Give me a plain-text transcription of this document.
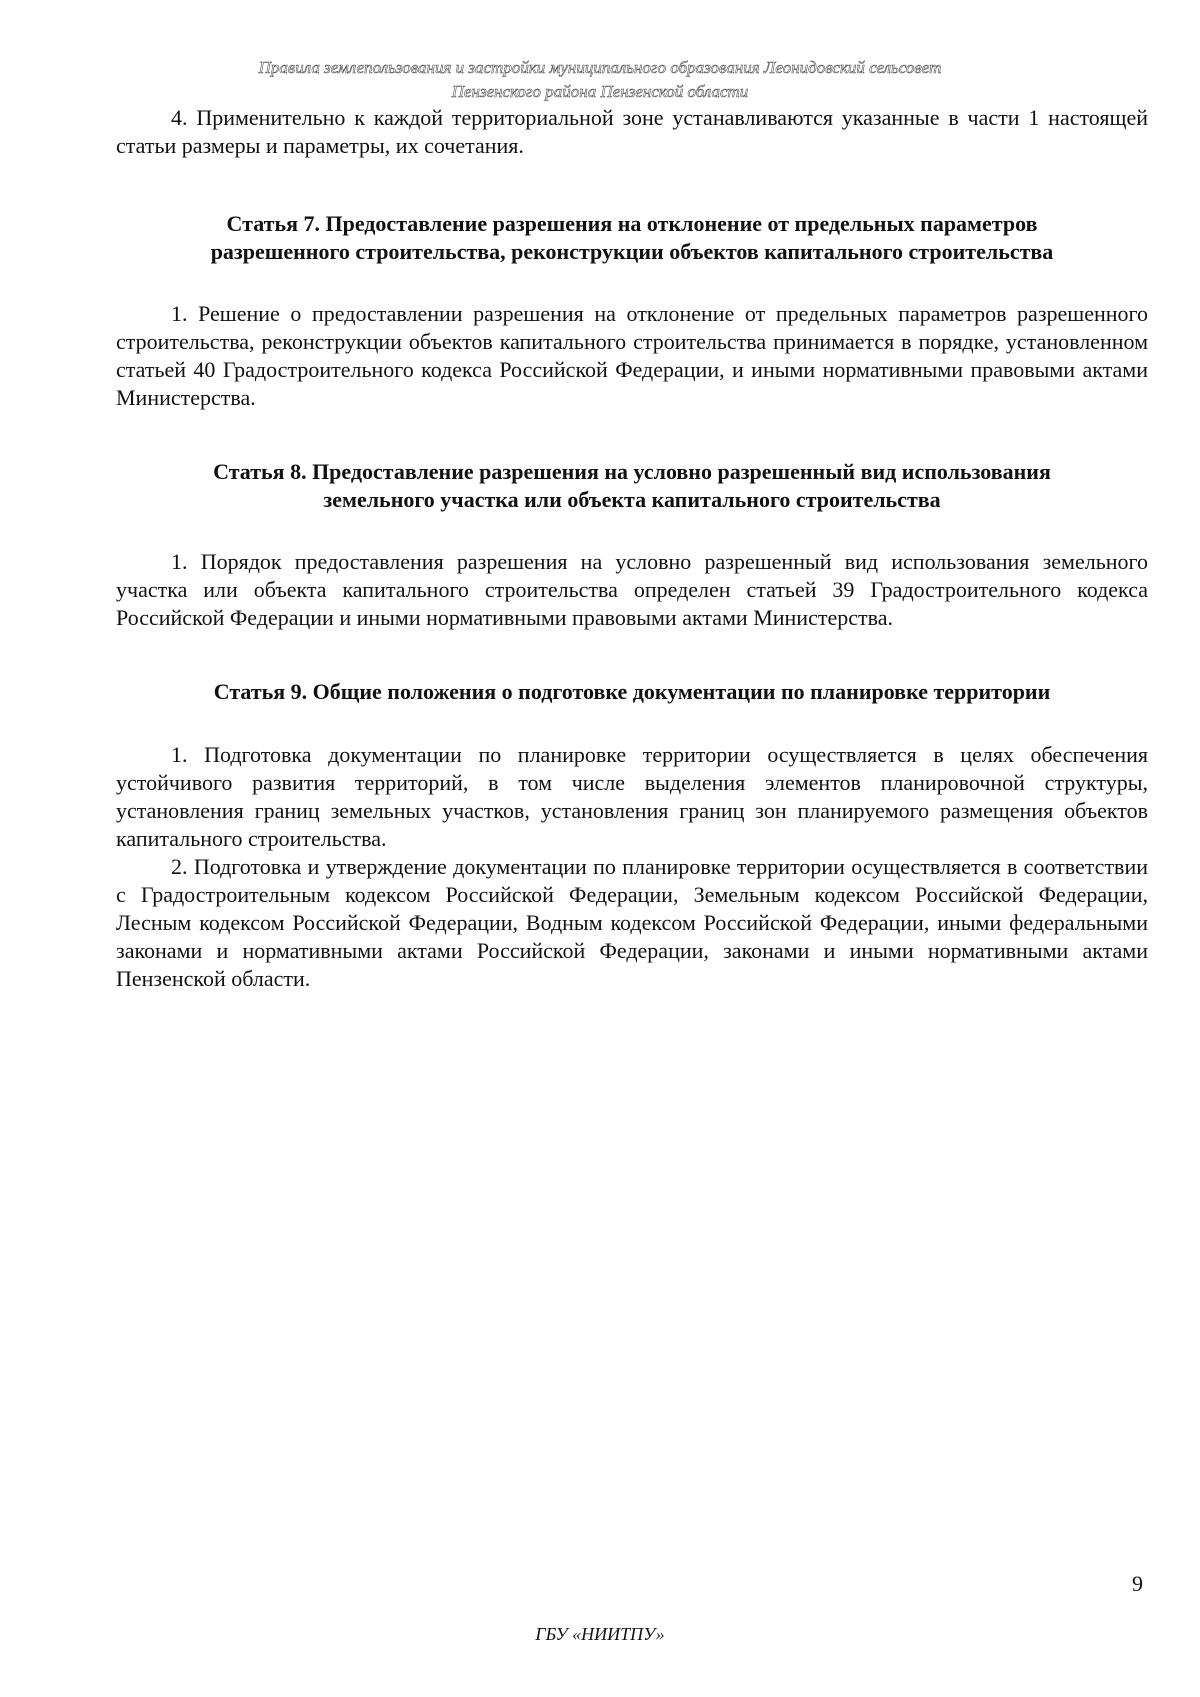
Правила землепользования и застройки муниципального образования Леонидовский сельсовет
Пензенского района Пензенской области

4. Применительно к каждой территориальной зоне устанавливаются указанные в части 1 настоящей статьи размеры и параметры, их сочетания.

Статья 7. Предоставление разрешения на отклонение от предельных параметров разрешенного строительства, реконструкции объектов капитального строительства

1. Решение о предоставлении разрешения на отклонение от предельных параметров разрешенного строительства, реконструкции объектов капитального строительства принимается в порядке, установленном статьей 40 Градостроительного кодекса Российской Федерации, и иными нормативными правовыми актами Министерства.

Статья 8. Предоставление разрешения на условно разрешенный вид использования земельного участка или объекта капитального строительства

1. Порядок предоставления разрешения на условно разрешенный вид использования земельного участка или объекта капитального строительства определен статьей 39 Градостроительного кодекса Российской Федерации и иными нормативными правовыми актами Министерства.

Статья 9. Общие положения о подготовке документации по планировке территории

1. Подготовка документации по планировке территории осуществляется в целях обеспечения устойчивого развития территорий, в том числе выделения элементов планировочной структуры, установления границ земельных участков, установления границ зон планируемого размещения объектов капитального строительства.

2. Подготовка и утверждение документации по планировке территории осуществляется в соответствии с Градостроительным кодексом Российской Федерации, Земельным кодексом Российской Федерации, Лесным кодексом Российской Федерации, Водным кодексом Российской Федерации, иными федеральными законами и нормативными актами Российской Федерации, законами и иными нормативными актами Пензенской области.

9
ГБУ «НИИТПУ»
